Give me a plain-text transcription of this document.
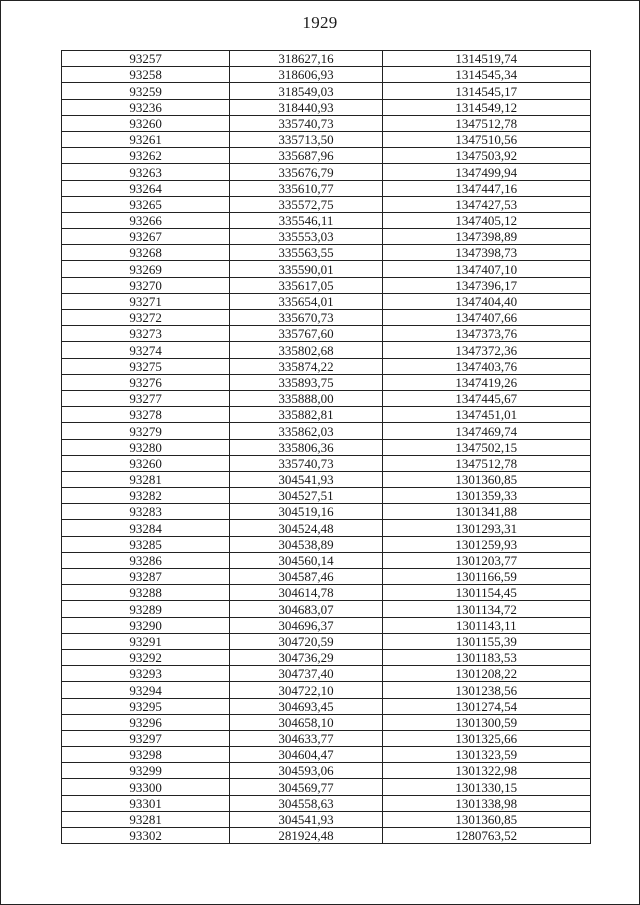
1929
93257	318627,16	1314519,74
93258	318606,93	1314545,34
93259	318549,03	1314545,17
93236	318440,93	1314549,12
93260	335740,73	1347512,78
93261	335713,50	1347510,56
93262	335687,96	1347503,92
93263	335676,79	1347499,94
93264	335610,77	1347447,16
93265	335572,75	1347427,53
93266	335546,11	1347405,12
93267	335553,03	1347398,89
93268	335563,55	1347398,73
93269	335590,01	1347407,10
93270	335617,05	1347396,17
93271	335654,01	1347404,40
93272	335670,73	1347407,66
93273	335767,60	1347373,76
93274	335802,68	1347372,36
93275	335874,22	1347403,76
93276	335893,75	1347419,26
93277	335888,00	1347445,67
93278	335882,81	1347451,01
93279	335862,03	1347469,74
93280	335806,36	1347502,15
93260	335740,73	1347512,78
93281	304541,93	1301360,85
93282	304527,51	1301359,33
93283	304519,16	1301341,88
93284	304524,48	1301293,31
93285	304538,89	1301259,93
93286	304560,14	1301203,77
93287	304587,46	1301166,59
93288	304614,78	1301154,45
93289	304683,07	1301134,72
93290	304696,37	1301143,11
93291	304720,59	1301155,39
93292	304736,29	1301183,53
93293	304737,40	1301208,22
93294	304722,10	1301238,56
93295	304693,45	1301274,54
93296	304658,10	1301300,59
93297	304633,77	1301325,66
93298	304604,47	1301323,59
93299	304593,06	1301322,98
93300	304569,77	1301330,15
93301	304558,63	1301338,98
93281	304541,93	1301360,85
93302	281924,48	1280763,52
